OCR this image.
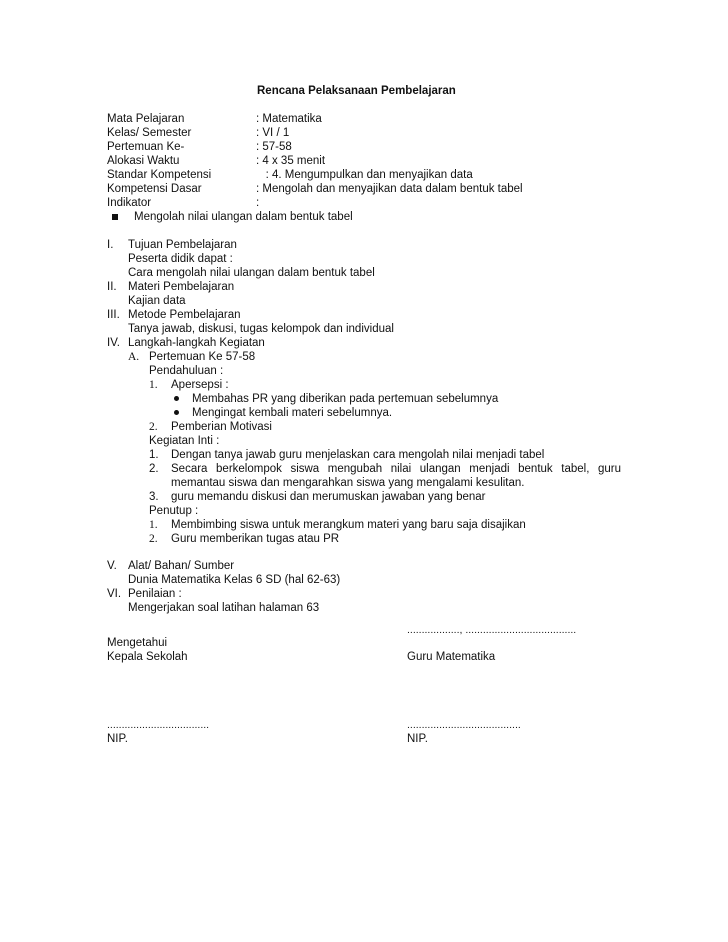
Rencana Pelaksanaan Pembelajaran
Mata Pelajaran	: Matematika
Kelas/ Semester	: VI / 1
Pertemuan Ke-	: 57-58
Alokasi Waktu	: 4 x 35 menit
Standar Kompetensi	: 4. Mengumpulkan dan menyajikan data
Kompetensi Dasar	: Mengolah dan menyajikan data dalam bentuk tabel
Indikator	:
Mengolah nilai ulangan dalam bentuk tabel
I. Tujuan Pembelajaran
Peserta didik dapat :
Cara mengolah nilai ulangan dalam bentuk tabel
II. Materi Pembelajaran
Kajian data
III. Metode Pembelajaran
Tanya jawab, diskusi, tugas kelompok dan individual
IV. Langkah-langkah Kegiatan
A. Pertemuan Ke 57-58
Pendahuluan :
1. Apersepsi :
Membahas PR yang diberikan pada pertemuan sebelumnya
Mengingat kembali materi sebelumnya.
2. Pemberian Motivasi
Kegiatan Inti :
1. Dengan tanya jawab guru menjelaskan cara mengolah nilai menjadi tabel
2. Secara berkelompok siswa mengubah nilai ulangan menjadi bentuk tabel, guru
memantau siswa dan mengarahkan siswa yang mengalami kesulitan.
3. guru memandu diskusi dan merumuskan jawaban yang benar
Penutup :
1. Membimbing siswa untuk merangkum materi yang baru saja disajikan
2. Guru memberikan tugas atau PR
V. Alat/ Bahan/ Sumber
Dunia Matematika Kelas 6 SD (hal 62-63)
VI. Penilaian :
Mengerjakan soal latihan halaman 63
.................., ......................................
Mengetahui
Kepala Sekolah	Guru Matematika
...................................	.......................................
NIP.	NIP.
